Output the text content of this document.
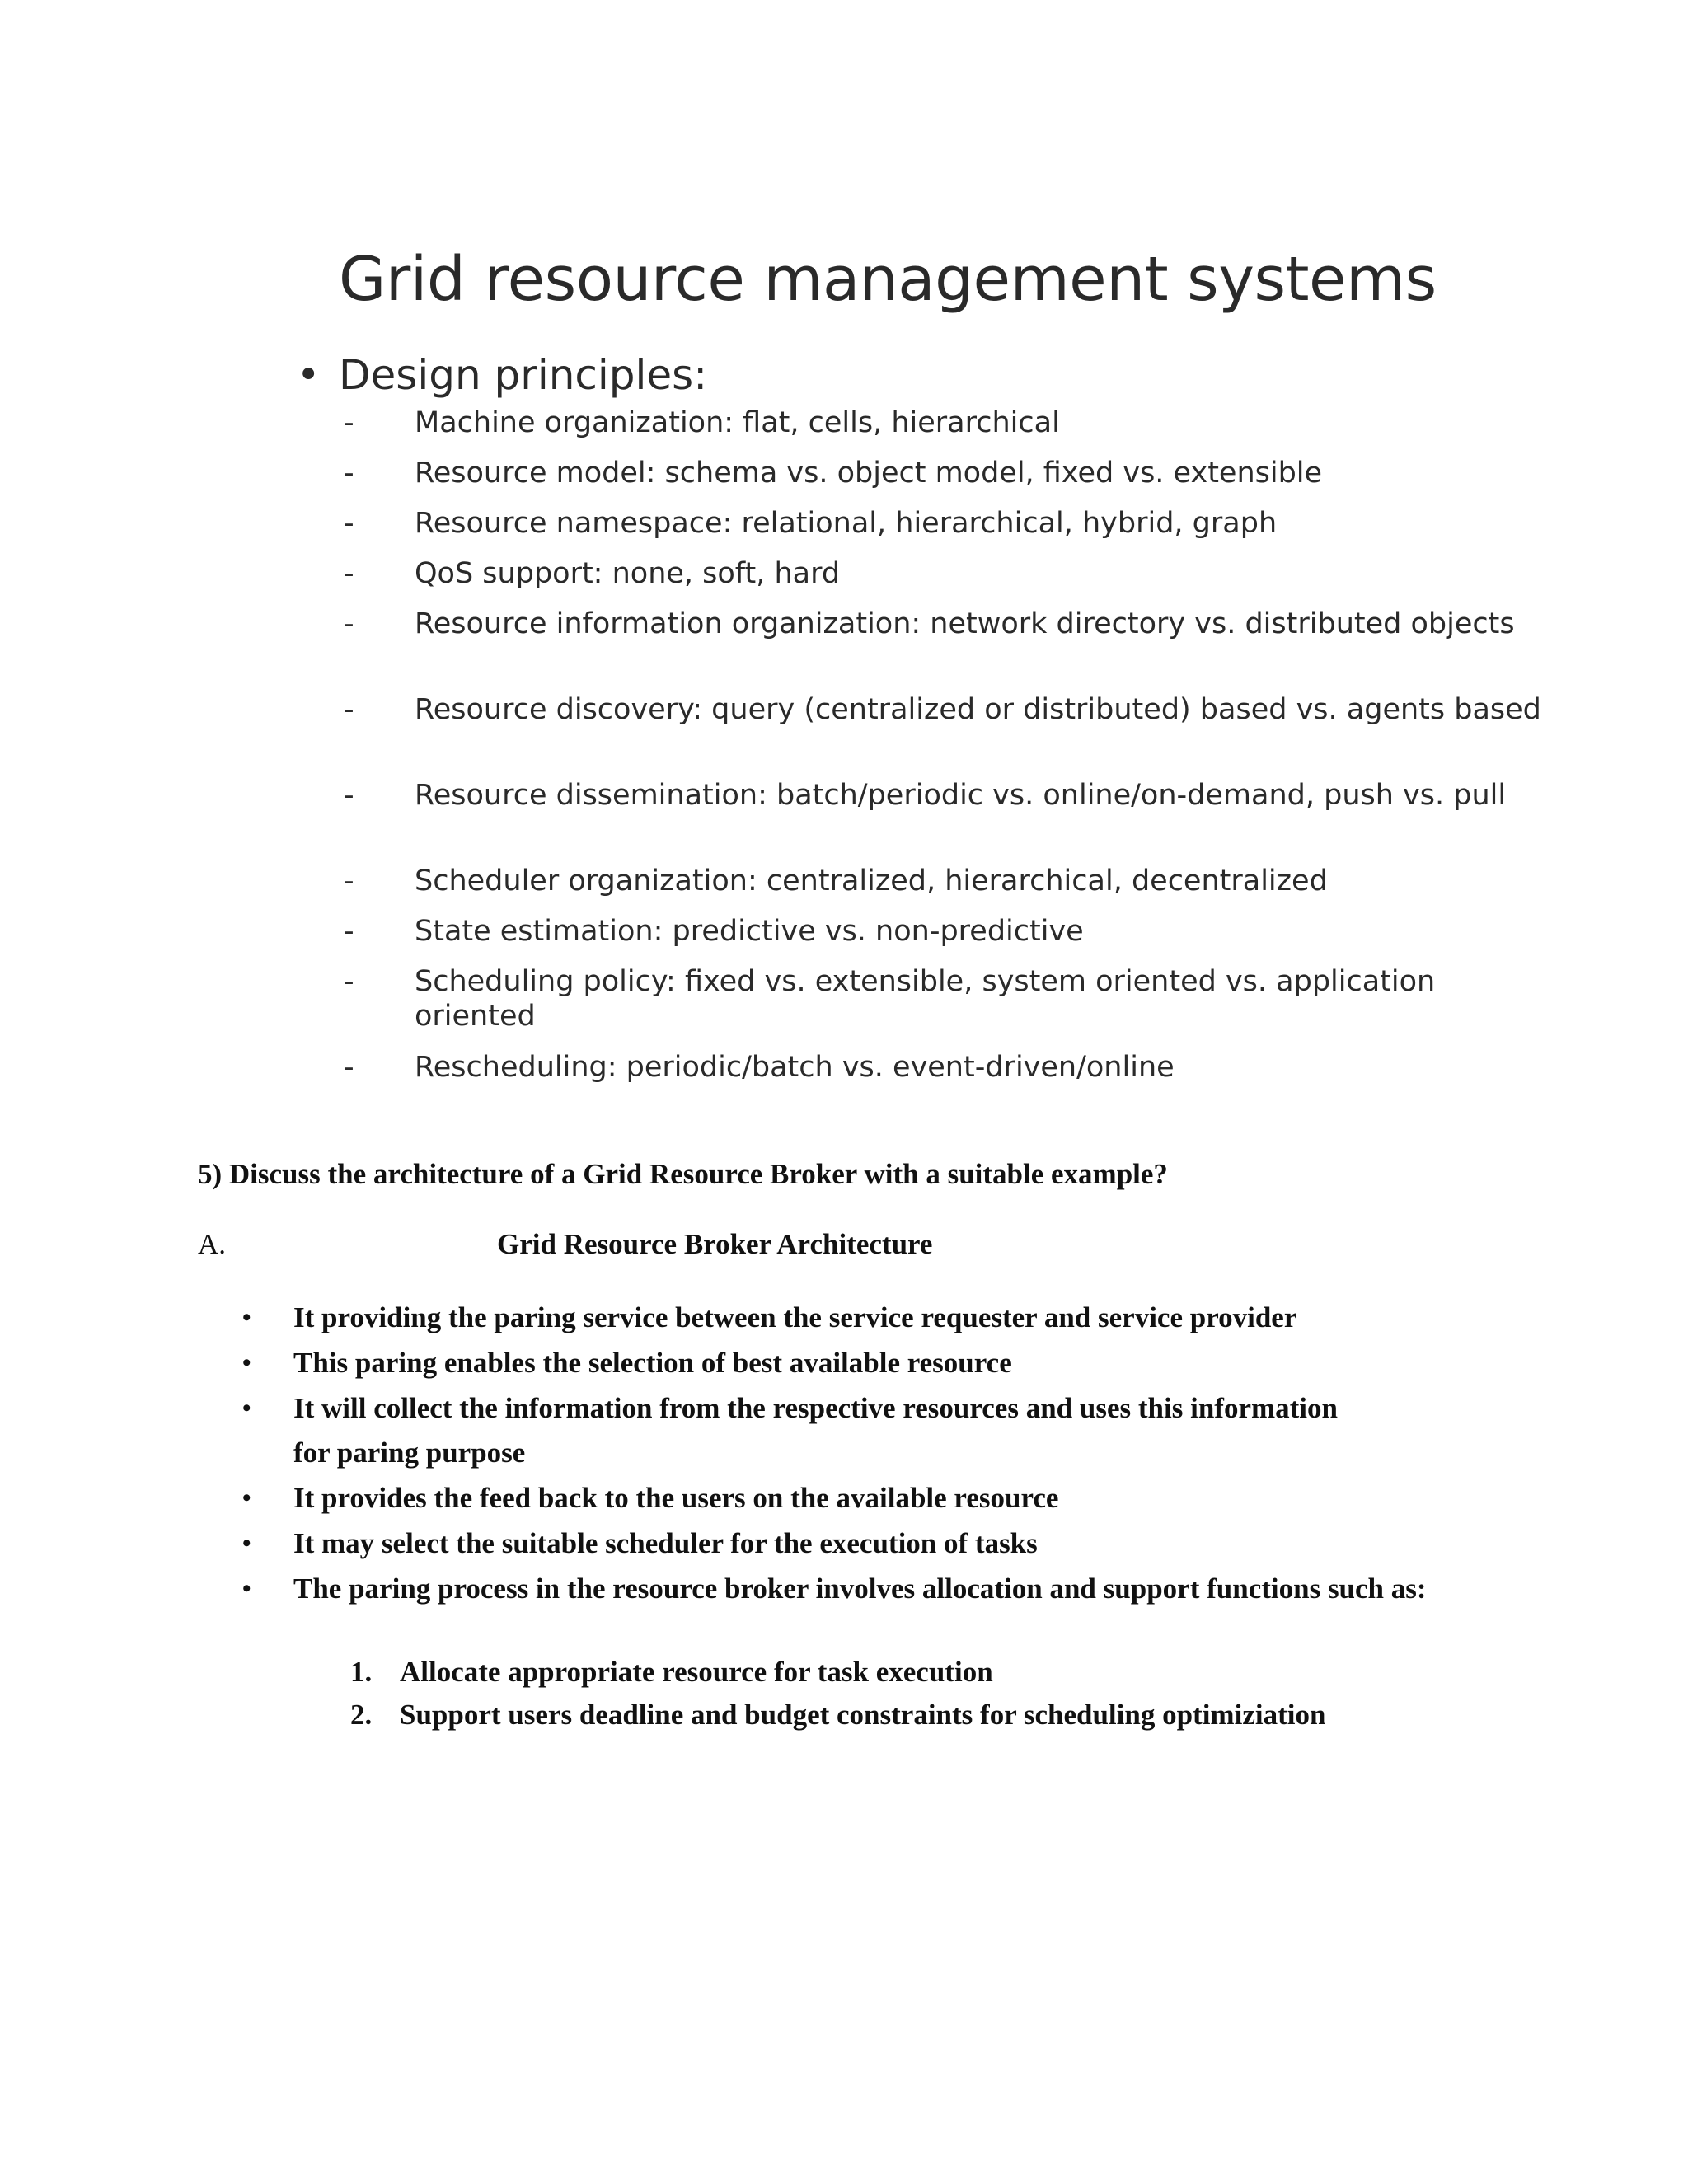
Grid resource management systems
• Design principles:
- Machine organization: flat, cells, hierarchical
- Resource model: schema vs. object model, fixed vs. extensible
- Resource namespace: relational, hierarchical, hybrid, graph
- QoS support: none, soft, hard
- Resource information organization: network directory vs. distributed objects
- Resource discovery: query (centralized or distributed) based vs. agents based
- Resource dissemination: batch/periodic vs. online/on-demand, push vs. pull
- Scheduler organization: centralized, hierarchical, decentralized
- State estimation: predictive vs. non-predictive
- Scheduling policy: fixed vs. extensible, system oriented vs. application oriented
- Rescheduling: periodic/batch vs. event-driven/online
5) Discuss the architecture of a Grid Resource Broker with a suitable example?
A.	Grid Resource Broker Architecture
• It providing the paring service between the service requester and service provider
• This paring enables the selection of best available resource
• It will collect the information from the respective resources and uses this information for paring purpose
• It provides the feed back to the users on the available resource
• It may select the suitable scheduler for the execution of tasks
• The paring process in the resource broker involves allocation and support functions such as:
1. Allocate appropriate resource for task execution
2. Support users deadline and budget constraints for scheduling optimiziation
